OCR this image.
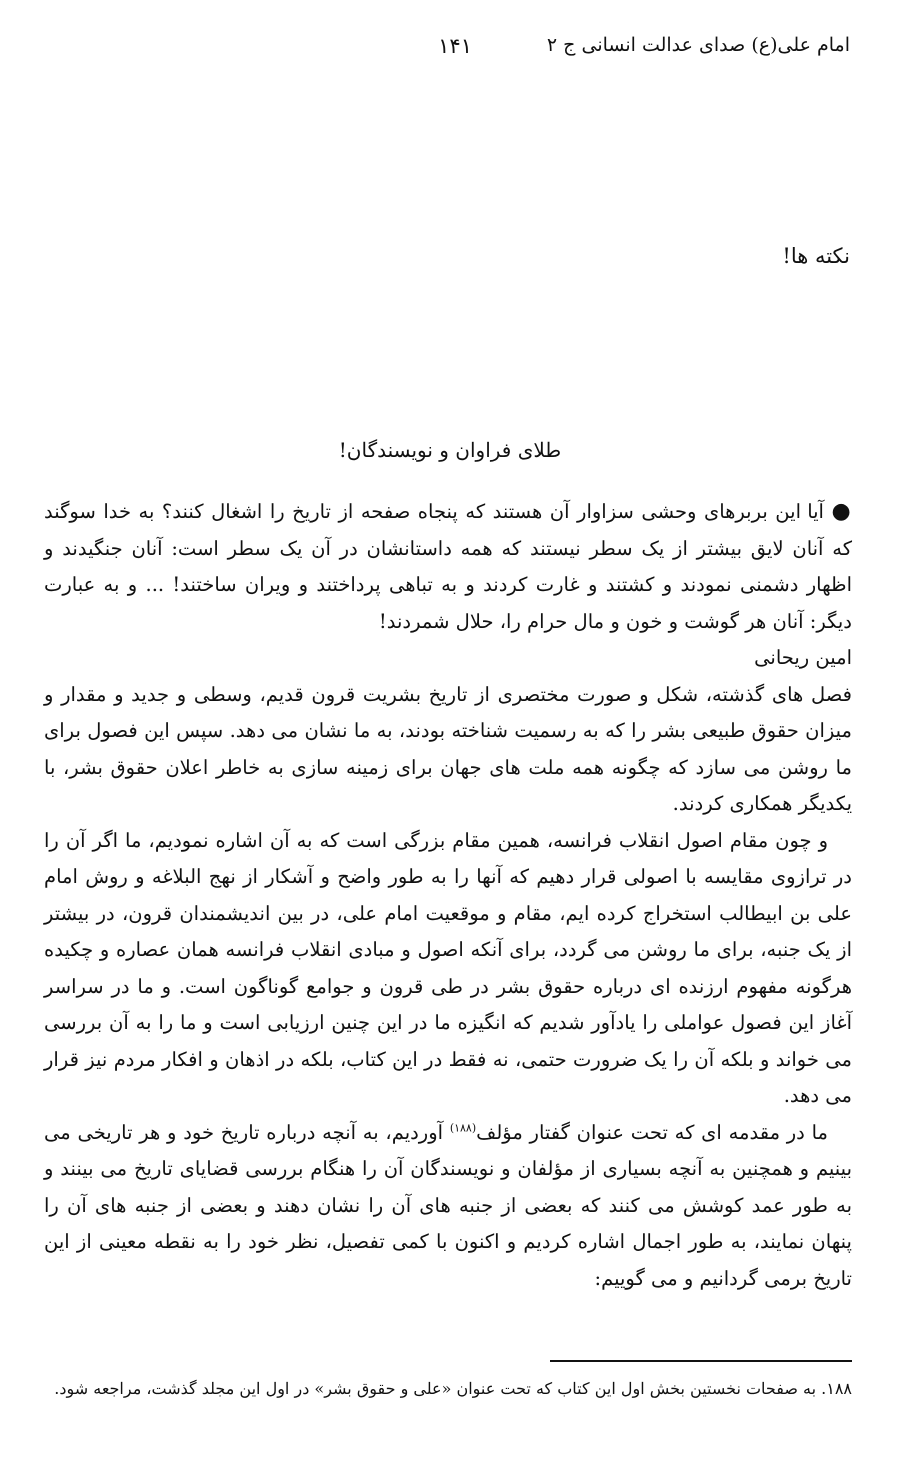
امام علی(ع) صدای عدالت انسانی ج ۲
۱۴۱
نکته ها!
طلای فراوان و نویسندگان!

● آیا این بربرهای وحشی سزاوار آن هستند که پنجاه صفحه از تاریخ را اشغال کنند؟ به خدا سوگند که آنان لایق بیشتر از یک سطر نیستند که همه داستانشان در آن یک سطر است: آنان جنگیدند و اظهار دشمنی نمودند و کشتند و غارت کردند و به تباهی پرداختند و ویران ساختند! ... و به عبارت دیگر: آنان هر گوشت و خون و مال حرام را، حلال شمردند!

امین ریحانی

فصل های گذشته، شکل و صورت مختصری از تاریخ بشریت قرون قدیم، وسطی و جدید و مقدار و میزان حقوق طبیعی بشر را که به رسمیت شناخته بودند، به ما نشان می دهد. سپس این فصول برای ما روشن می سازد که چگونه همه ملت های جهان برای زمینه سازی به خاطر اعلان حقوق بشر، با یکدیگر همکاری کردند.

و چون مقام اصول انقلاب فرانسه، همین مقام بزرگی است که به آن اشاره نمودیم، ما اگر آن را در ترازوی مقایسه با اصولی قرار دهیم که آنها را به طور واضح و آشکار از نهج البلاغه و روش امام علی بن ابیطالب استخراج کرده ایم، مقام و موقعیت امام علی، در بین اندیشمندان قرون، در بیشتر از یک جنبه، برای ما روشن می گردد، برای آنکه اصول و مبادی انقلاب فرانسه همان عصاره و چکیده هرگونه مفهوم ارزنده ای درباره حقوق بشر در طی قرون و جوامع گوناگون است. و ما در سراسر آغاز این فصول عواملی را یادآور شدیم که انگیزه ما در این چنین ارزیابی است و ما را به آن بررسی می خواند و بلکه آن را یک ضرورت حتمی، نه فقط در این کتاب، بلکه در اذهان و افکار مردم نیز قرار می دهد.

ما در مقدمه ای که تحت عنوان گفتار مؤلف$^{(۱۸۸)}$ آوردیم، به آنچه درباره تاریخ خود و هر تاریخی می بینیم و همچنین به آنچه بسیاری از مؤلفان و نویسندگان آن را هنگام بررسی قضایای تاریخ می بینند و به طور عمد کوشش می کنند که بعضی از جنبه های آن را نشان دهند و بعضی از جنبه های آن را پنهان نمایند، به طور اجمال اشاره کردیم و اکنون با کمی تفصیل، نظر خود را به نقطه معینی از این تاریخ برمی گردانیم و می گوییم:

۱۸۸. به صفحات نخستین بخش اول این کتاب که تحت عنوان «علی و حقوق بشر» در اول این مجلد گذشت، مراجعه شود.
